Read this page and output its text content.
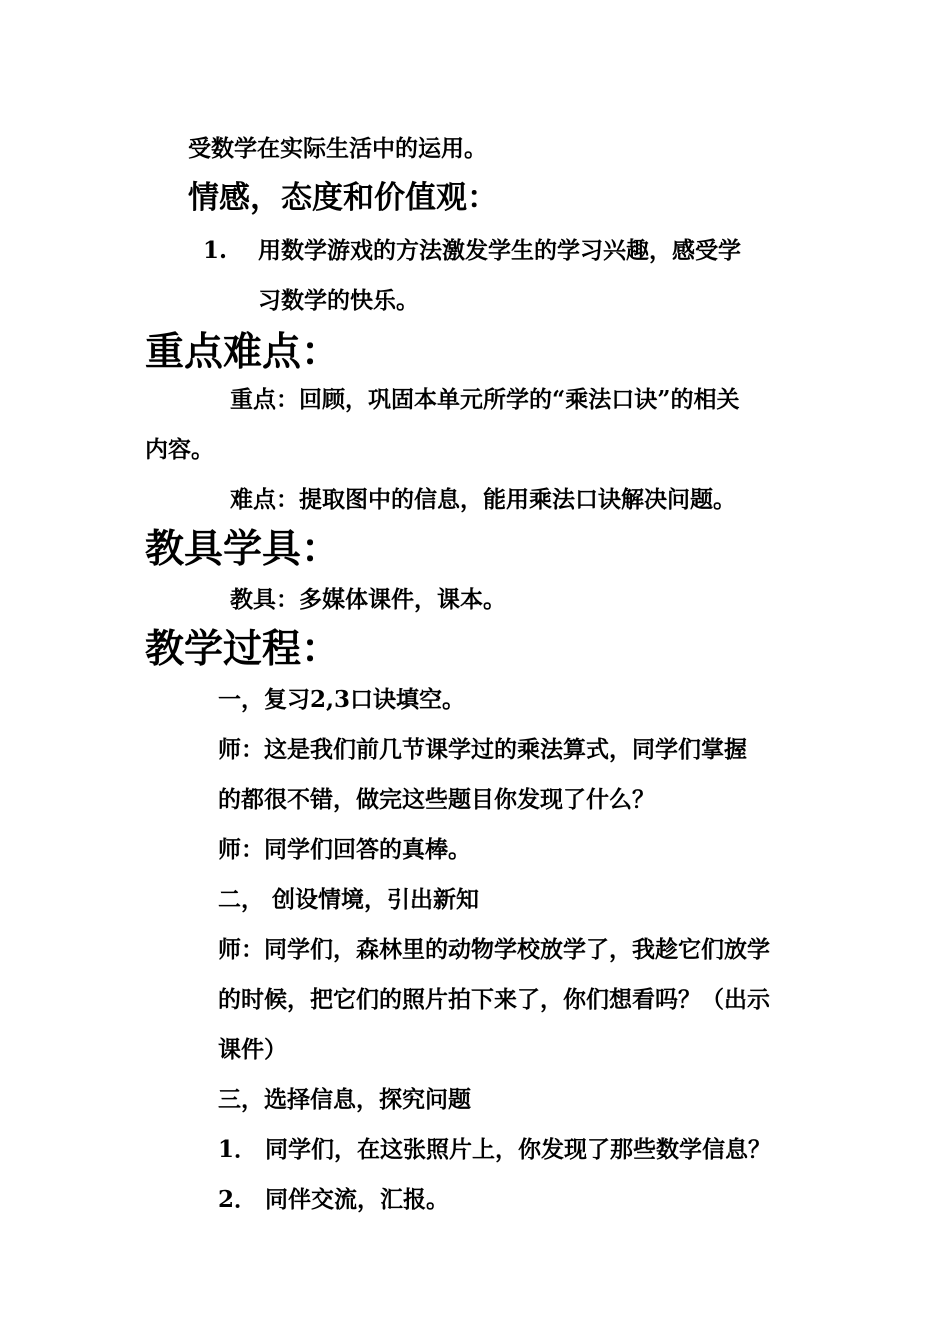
受数学在实际生活中的运用。
情感，态度和价值观：
1. 用数学游戏的方法激发学生的学习兴趣，感受学
习数学的快乐。
重点难点：
重点：回顾，巩固本单元所学的“乘法口诀”的相关
内容。
难点：提取图中的信息，能用乘法口诀解决问题。
教具学具：
教具：多媒体课件，课本。
教学过程：
一，复习2,3口诀填空。
师：这是我们前几节课学过的乘法算式，同学们掌握
的都很不错，做完这些题目你发现了什么？
师：同学们回答的真棒。
二， 创设情境，引出新知
师：同学们，森林里的动物学校放学了，我趁它们放学
的时候，把它们的照片拍下来了，你们想看吗？（出示
课件）
三，选择信息，探究问题
1． 同学们，在这张照片上，你发现了那些数学信息？
2． 同伴交流，汇报。
